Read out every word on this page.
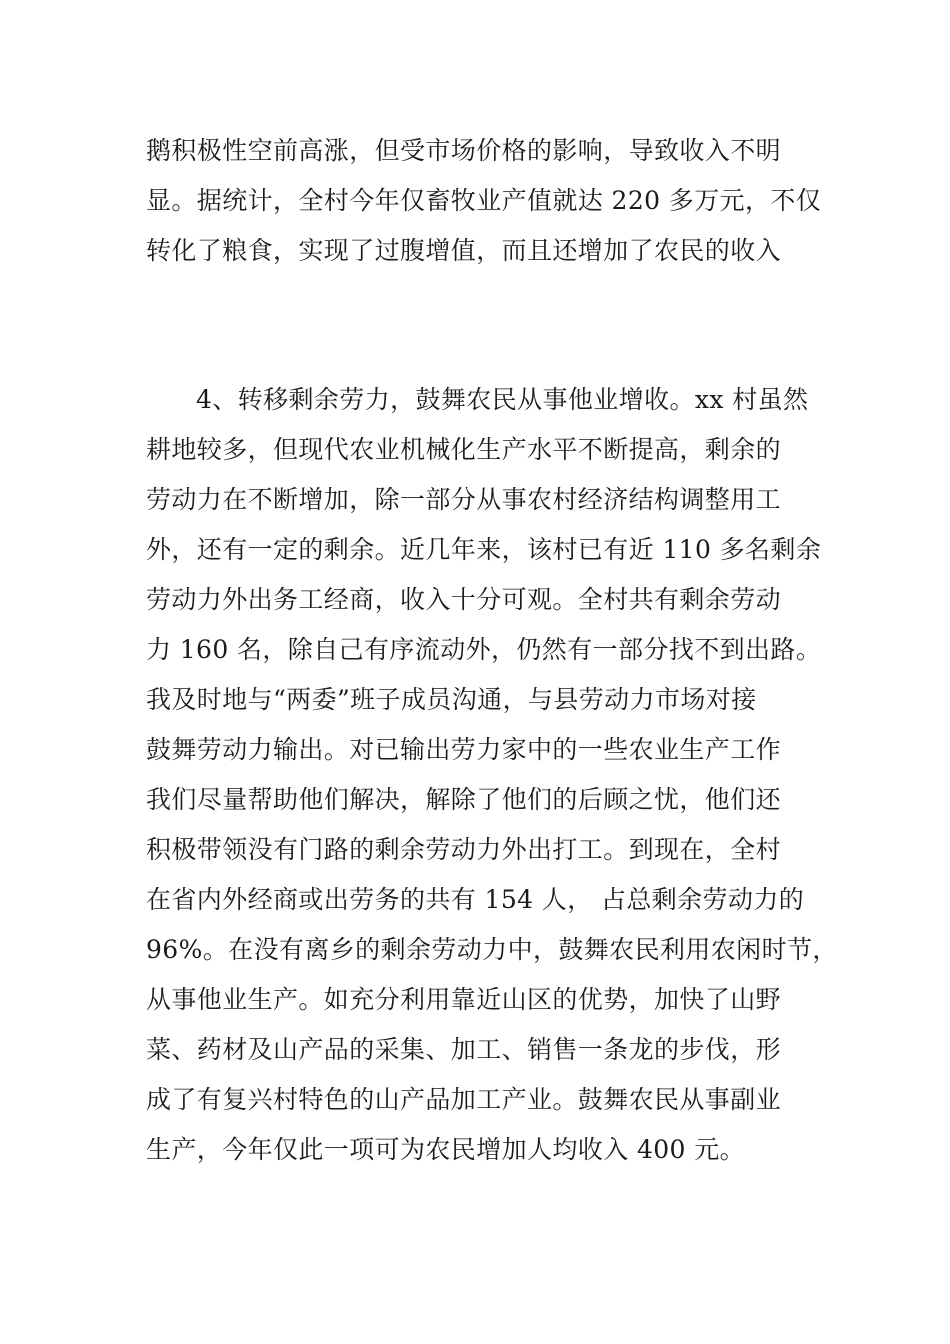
鹅积极性空前高涨，但受市场价格的影响，导致收入不明
显。据统计，全村今年仅畜牧业产值就达 220 多万元，不仅
转化了粮食，实现了过腹增值，而且还增加了农民的收入
4、转移剩余劳力，鼓舞农民从事他业增收。xx 村虽然
耕地较多，但现代农业机械化生产水平不断提高，剩余的
劳动力在不断增加，除一部分从事农村经济结构调整用工
外，还有一定的剩余。近几年来，该村已有近 110 多名剩余
劳动力外出务工经商，收入十分可观。全村共有剩余劳动
力 160 名，除自己有序流动外，仍然有一部分找不到出路。
我及时地与“两委”班子成员沟通，与县劳动力市场对接
鼓舞劳动力输出。对已输出劳力家中的一些农业生产工作
我们尽量帮助他们解决，解除了他们的后顾之忧，他们还
积极带领没有门路的剩余劳动力外出打工。到现在，全村
在省内外经商或出劳务的共有 154 人， 占总剩余劳动力的
96%。在没有离乡的剩余劳动力中，鼓舞农民利用农闲时节，
从事他业生产。如充分利用靠近山区的优势，加快了山野
菜、药材及山产品的采集、加工、销售一条龙的步伐，形
成了有复兴村特色的山产品加工产业。鼓舞农民从事副业
生产，今年仅此一项可为农民增加人均收入 400 元。
